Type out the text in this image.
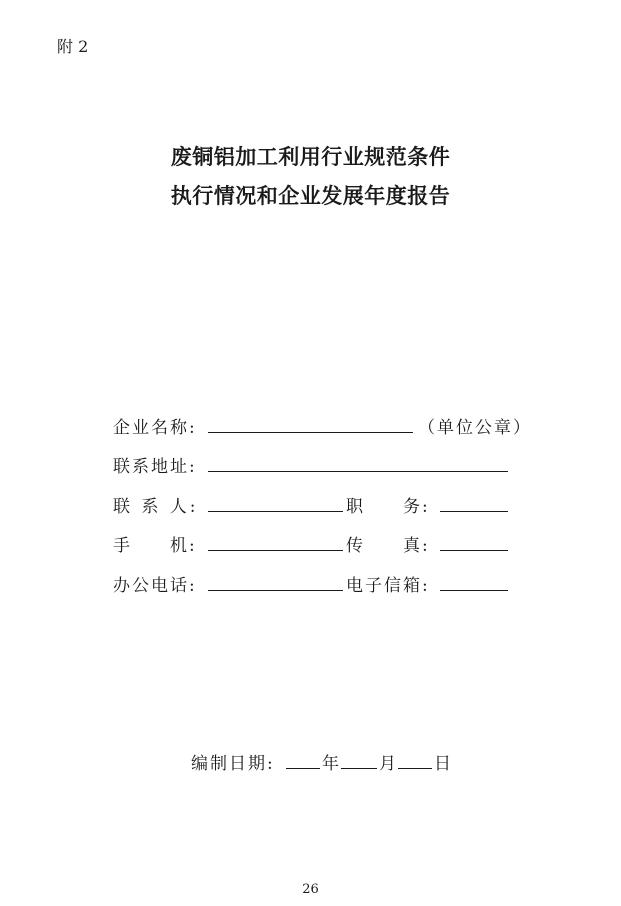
附 2
废铜铝加工利用行业规范条件
执行情况和企业发展年度报告
企业名称:	（单位公章）
联系地址:
联 系 人:	职　　务:
手　　机:	传　　真:
办公电话:	电子信箱:
编制日期:	年 月 日
26
